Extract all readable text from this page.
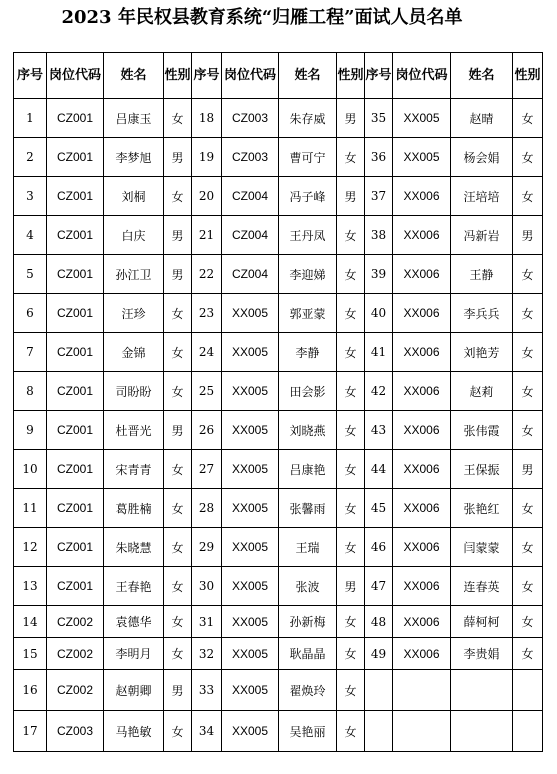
2023 年民权县教育系统“归雁工程”面试人员名单
序号	岗位代码	姓名	性别	序号	岗位代码	姓名	性别	序号	岗位代码	姓名	性别
1	CZ001	吕康玉	女	18	CZ003	朱存威	男	35	XX005	赵晴	女
2	CZ001	李梦旭	男	19	CZ003	曹可宁	女	36	XX005	杨会娟	女
3	CZ001	刘桐	女	20	CZ004	冯子峰	男	37	XX006	汪培培	女
4	CZ001	白庆	男	21	CZ004	王丹凤	女	38	XX006	冯新岩	男
5	CZ001	孙江卫	男	22	CZ004	李迎娣	女	39	XX006	王静	女
6	CZ001	汪珍	女	23	XX005	郭亚蒙	女	40	XX006	李兵兵	女
7	CZ001	金锦	女	24	XX005	李静	女	41	XX006	刘艳芳	女
8	CZ001	司盼盼	女	25	XX005	田会影	女	42	XX006	赵莉	女
9	CZ001	杜晋光	男	26	XX005	刘晓燕	女	43	XX006	张伟霞	女
10	CZ001	宋青青	女	27	XX005	吕康艳	女	44	XX006	王保振	男
11	CZ001	葛胜楠	女	28	XX005	张馨雨	女	45	XX006	张艳红	女
12	CZ001	朱晓慧	女	29	XX005	王瑞	女	46	XX006	闫蒙蒙	女
13	CZ001	王春艳	女	30	XX005	张波	男	47	XX006	连春英	女
14	CZ002	袁德华	女	31	XX005	孙新梅	女	48	XX006	薛柯柯	女
15	CZ002	李明月	女	32	XX005	耿晶晶	女	49	XX006	李贵娟	女
16	CZ002	赵朝卿	男	33	XX005	翟焕玲	女				
17	CZ003	马艳敏	女	34	XX005	吴艳丽	女				
